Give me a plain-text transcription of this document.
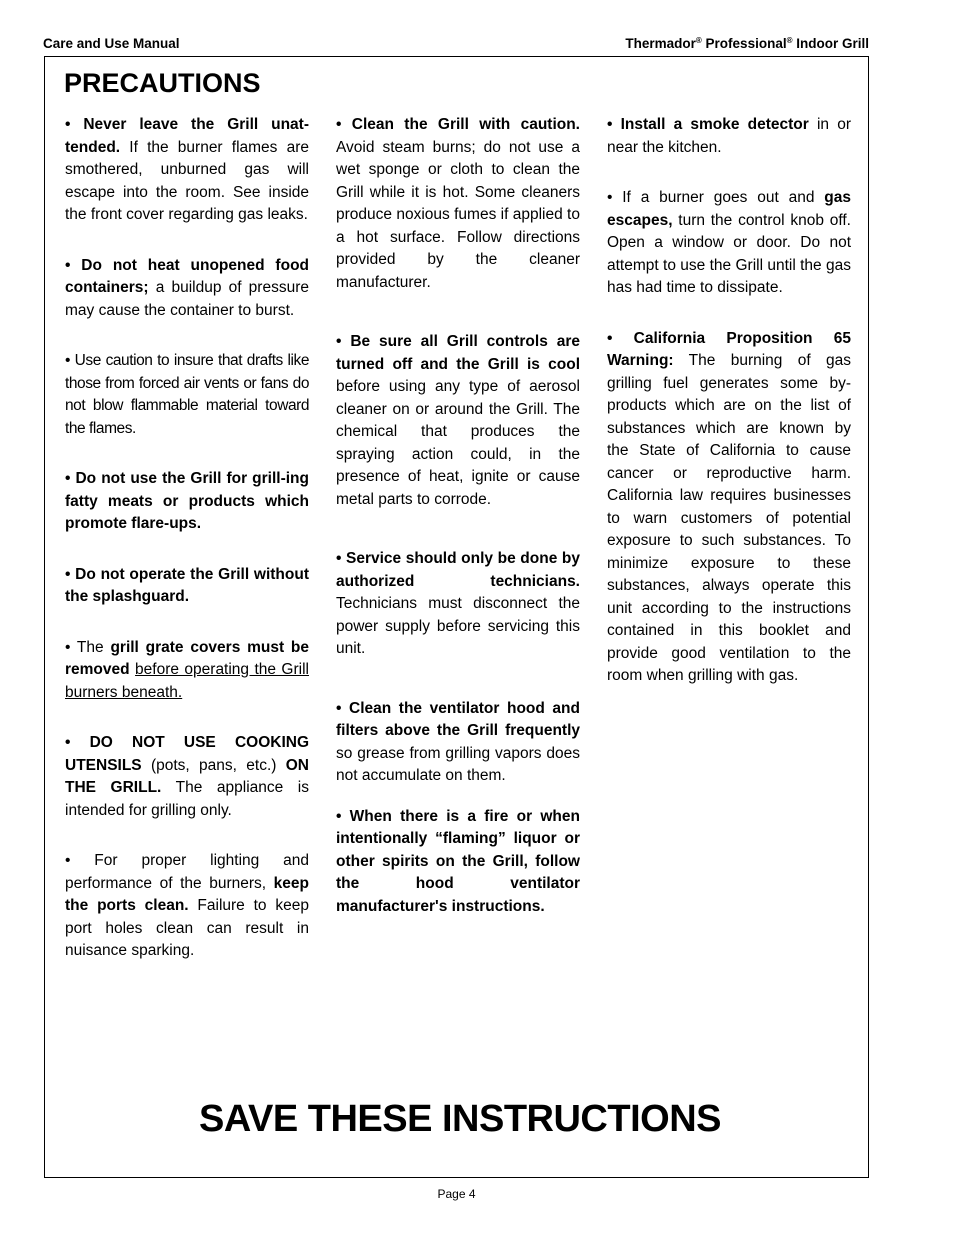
Care and Use Manual	Thermador® Professional® Indoor Grill
PRECAUTIONS

• Never leave the Grill unat-tended. If the burner flames are smothered, unburned gas will escape into the room. See inside the front cover regarding gas leaks.

• Do not heat unopened food containers; a buildup of pressure may cause the container to burst.

• Use caution to insure that drafts like those from forced air vents or fans do not blow flammable material toward the flames.

• Do not use the Grill for grill-ing fatty meats or products which promote flare-ups.

• Do not operate the Grill without the splashguard.

• The grill grate covers must be removed before operating the Grill burners beneath.

• DO NOT USE COOKING UTENSILS (pots, pans, etc.) ON THE GRILL. The appliance is intended for grilling only.

• For proper lighting and performance of the burners, keep the ports clean. Failure to keep port holes clean can result in nuisance sparking.

• Clean the Grill with caution. Avoid steam burns; do not use a wet sponge or cloth to clean the Grill while it is hot. Some cleaners produce noxious fumes if applied to a hot surface. Follow directions provided by the cleaner manufacturer.

• Be sure all Grill controls are turned off and the Grill is cool before using any type of aerosol cleaner on or around the Grill. The chemical that produces the spraying action could, in the presence of heat, ignite or cause metal parts to corrode.

• Service should only be done by authorized technicians. Technicians must disconnect the power supply before servicing this unit.

• Clean the ventilator hood and filters above the Grill frequently so grease from grilling vapors does not accumulate on them.

• When there is a fire or when intentionally “flaming” liquor or other spirits on the Grill, follow the hood ventilator manufacturer's instructions.

• Install a smoke detector in or near the kitchen.

• If a burner goes out and gas escapes, turn the control knob off. Open a window or door. Do not attempt to use the Grill until the gas has had time to dissipate.

• California Proposition 65 Warning: The burning of gas grilling fuel generates some by-products which are on the list of substances which are known by the State of California to cause cancer or reproductive harm. California law requires businesses to warn customers of potential exposure to such substances. To minimize exposure to these substances, always operate this unit according to the instructions contained in this booklet and provide good ventilation to the room when grilling with gas.

SAVE THESE INSTRUCTIONS
Page 4
